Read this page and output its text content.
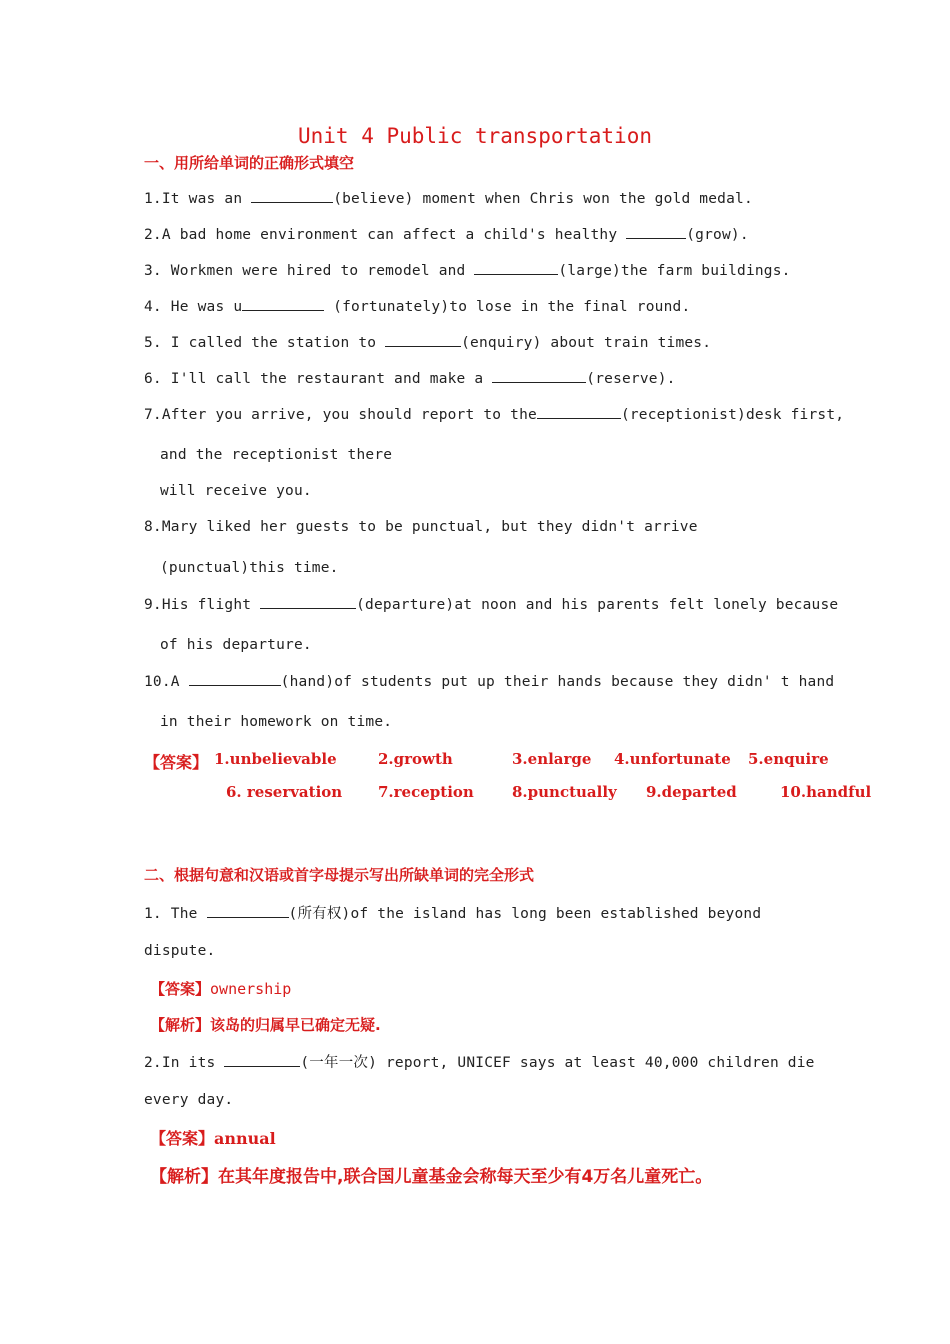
Unit 4 Public transportation
一、用所给单词的正确形式填空
1.It was an	(believe) moment when Chris won the gold medal.
2.A bad home environment can affect a child's healthy	(grow).
3. Workmen were hired to remodel and	(large)the farm buildings.
4. He was u	(fortunately)to lose in the final round.
5. I called the station to	(enquiry) about train times.
6. I'll call the restaurant and make a	(reserve).
7.After you arrive, you should report to the	(receptionist)desk first,
and the receptionist there
will receive you.
8.Mary liked her guests to be punctual, but they didn't arrive
(punctual)this time.
9.His flight	(departure)at noon and his parents felt lonely because
of his departure.
10.A	(hand)of students put up their hands because they didn' t hand
in their homework on time.
【答案】 1.unbelievable	2.growth	3.enlarge 4.unfortunate 5.enquire
6. reservation 7.reception	8.punctually 9.departed	10.handful
二、根据句意和汉语或首字母提示写出所缺单词的完全形式
1. The	(所有权)of the island has long been established beyond
dispute.
【答案】ownership
【解析】该岛的归属早已确定无疑.
2.In its	(一年一次) report, UNICEF says at least 40,000 children die
every day.
【答案】annual
【解析】在其年度报告中,联合国儿童基金会称每天至少有4万名儿童死亡。
